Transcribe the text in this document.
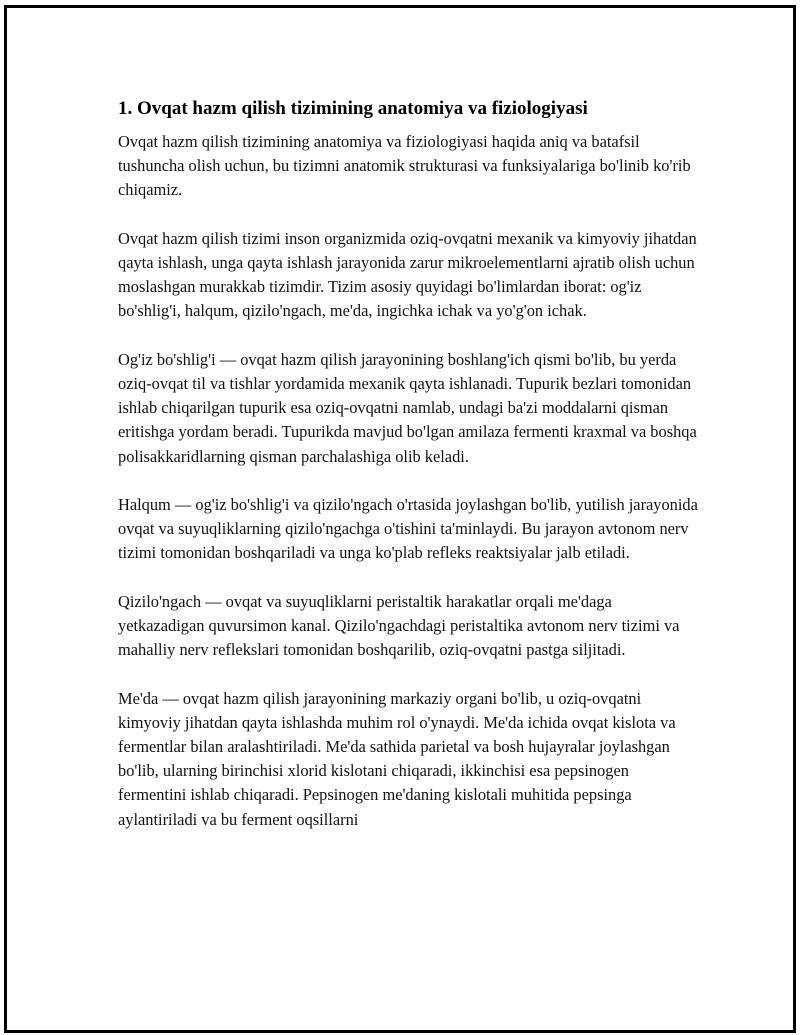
1. Ovqat hazm qilish tizimining anatomiya va fiziologiyasi

Ovqat hazm qilish tizimining anatomiya va fiziologiyasi haqida aniq va batafsil tushuncha olish uchun, bu tizimni anatomik strukturasi va funksiyalariga bo'linib ko'rib chiqamiz.

Ovqat hazm qilish tizimi inson organizmida oziq-ovqatni mexanik va kimyoviy jihatdan qayta ishlash, unga qayta ishlash jarayonida zarur mikroelementlarni ajratib olish uchun moslashgan murakkab tizimdir. Tizim asosiy quyidagi bo'limlardan iborat: og'iz bo'shlig'i, halqum, qizilo'ngach, me'da, ingichka ichak va yo'g'on ichak.

Og'iz bo'shlig'i — ovqat hazm qilish jarayonining boshlang'ich qismi bo'lib, bu yerda oziq-ovqat til va tishlar yordamida mexanik qayta ishlanadi. Tupurik bezlari tomonidan ishlab chiqarilgan tupurik esa oziq-ovqatni namlab, undagi ba'zi moddalarni qisman eritishga yordam beradi. Tupurikda mavjud bo'lgan amilaza fermenti kraxmal va boshqa polisakkaridlarning qisman parchalashiga olib keladi.

Halqum — og'iz bo'shlig'i va qizilo'ngach o'rtasida joylashgan bo'lib, yutilish jarayonida ovqat va suyuqliklarning qizilo'ngachga o'tishini ta'minlaydi. Bu jarayon avtonom nerv tizimi tomonidan boshqariladi va unga ko'plab refleks reaktsiyalar jalb etiladi.

Qizilo'ngach — ovqat va suyuqliklarni peristaltik harakatlar orqali me'daga yetkazadigan quvursimon kanal. Qizilo'ngachdagi peristaltika avtonom nerv tizimi va mahalliy nerv reflekslari tomonidan boshqarilib, oziq-ovqatni pastga siljitadi.

Me'da — ovqat hazm qilish jarayonining markaziy organi bo'lib, u oziq-ovqatni kimyoviy jihatdan qayta ishlashda muhim rol o'ynaydi. Me'da ichida ovqat kislota va fermentlar bilan aralashtiriladi. Me'da sathida parietal va bosh hujayralar joylashgan bo'lib, ularning birinchisi xlorid kislotani chiqaradi, ikkinchisi esa pepsinogen fermentini ishlab chiqaradi. Pepsinogen me'daning kislotali muhitida pepsinga aylantiriladi va bu ferment oqsillarni
